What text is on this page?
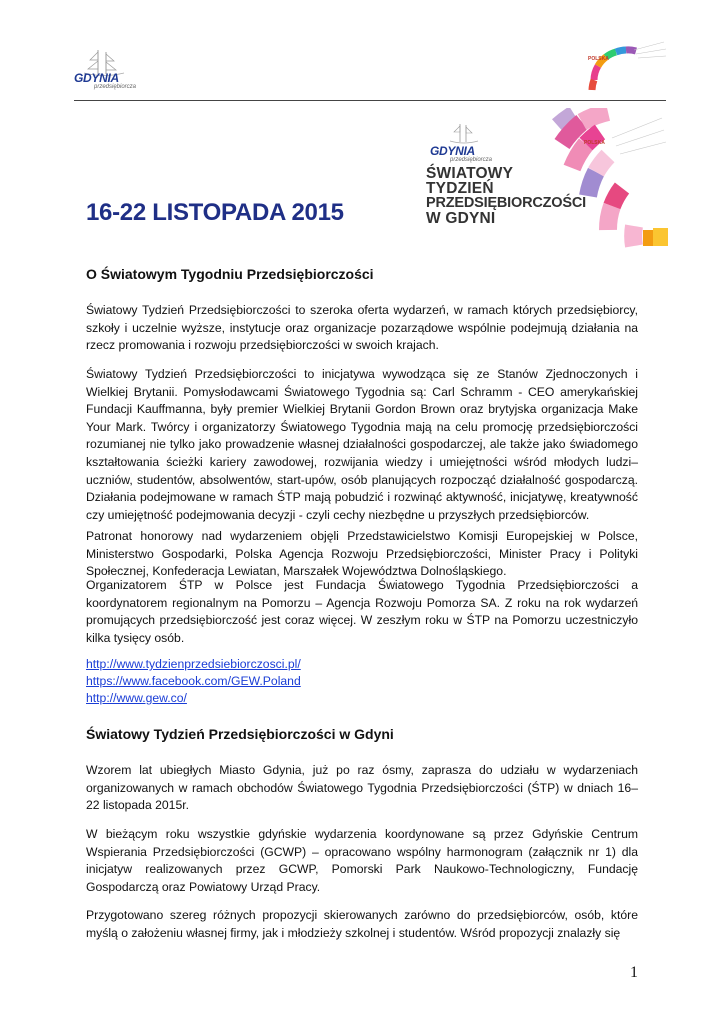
GDYNIA
przedsiębiorcza
POLSKA
POLSKA
GDYNIA
przedsiębiorcza
ŚWIATOWY
TYDZIEŃ
PRZEDSIĘBIORCZOŚCI
W GDYNI
16-22 LISTOPADA 2015
O Światowym Tygodniu Przedsiębiorczości
Światowy Tydzień Przedsiębiorczości to szeroka oferta wydarzeń, w ramach których przedsiębiorcy, szkoły i uczelnie wyższe, instytucje oraz organizacje pozarządowe wspólnie podejmują działania na rzecz promowania i rozwoju przedsiębiorczości w swoich krajach.
Światowy Tydzień Przedsiębiorczości to inicjatywa wywodząca się ze Stanów Zjednoczonych i Wielkiej Brytanii. Pomysłodawcami Światowego Tygodnia są: Carl Schramm - CEO amerykańskiej Fundacji Kauffmanna, były premier Wielkiej Brytanii Gordon Brown oraz brytyjska organizacja Make Your Mark. Twórcy i organizatorzy Światowego Tygodnia mają na celu promocję przedsiębiorczości rozumianej nie tylko jako prowadzenie własnej działalności gospodarczej, ale także jako świadomego kształtowania ścieżki kariery zawodowej, rozwijania wiedzy i umiejętności wśród młodych ludzi– uczniów, studentów, absolwentów, start-upów, osób planujących rozpocząć działalność gospodarczą. Działania podejmowane w ramach ŚTP mają pobudzić i rozwinąć aktywność, inicjatywę, kreatywność czy umiejętność podejmowania decyzji - czyli cechy niezbędne u przyszłych przedsiębiorców.
Patronat honorowy nad wydarzeniem objęli Przedstawicielstwo Komisji Europejskiej w Polsce, Ministerstwo Gospodarki, Polska Agencja Rozwoju Przedsiębiorczości, Minister Pracy i Polityki Społecznej, Konfederacja Lewiatan, Marszałek Województwa Dolnośląskiego.
Organizatorem ŚTP w Polsce jest Fundacja Światowego Tygodnia Przedsiębiorczości a koordynatorem regionalnym na Pomorzu – Agencja Rozwoju Pomorza SA. Z roku na rok wydarzeń promujących przedsiębiorczość jest coraz więcej. W zeszłym roku w ŚTP na Pomorzu uczestniczyło kilka tysięcy osób.
http://www.tydzienprzedsiebiorczosci.pl/
https://www.facebook.com/GEW.Poland
http://www.gew.co/
Światowy Tydzień Przedsiębiorczości w Gdyni
Wzorem lat ubiegłych Miasto Gdynia, już po raz ósmy, zaprasza do udziału w wydarzeniach organizowanych w ramach obchodów Światowego Tygodnia Przedsiębiorczości (ŚTP) w dniach 16–22 listopada 2015r.
W bieżącym roku wszystkie gdyńskie wydarzenia koordynowane są przez Gdyńskie Centrum Wspierania Przedsiębiorczości (GCWP) – opracowano wspólny harmonogram (załącznik nr 1) dla inicjatyw realizowanych przez GCWP, Pomorski Park Naukowo-Technologiczny, Fundację Gospodarczą oraz Powiatowy Urząd Pracy.
Przygotowano szereg różnych propozycji skierowanych zarówno do przedsiębiorców, osób, które myślą o założeniu własnej firmy, jak i młodzieży szkolnej i studentów. Wśród propozycji znalazły się
1
